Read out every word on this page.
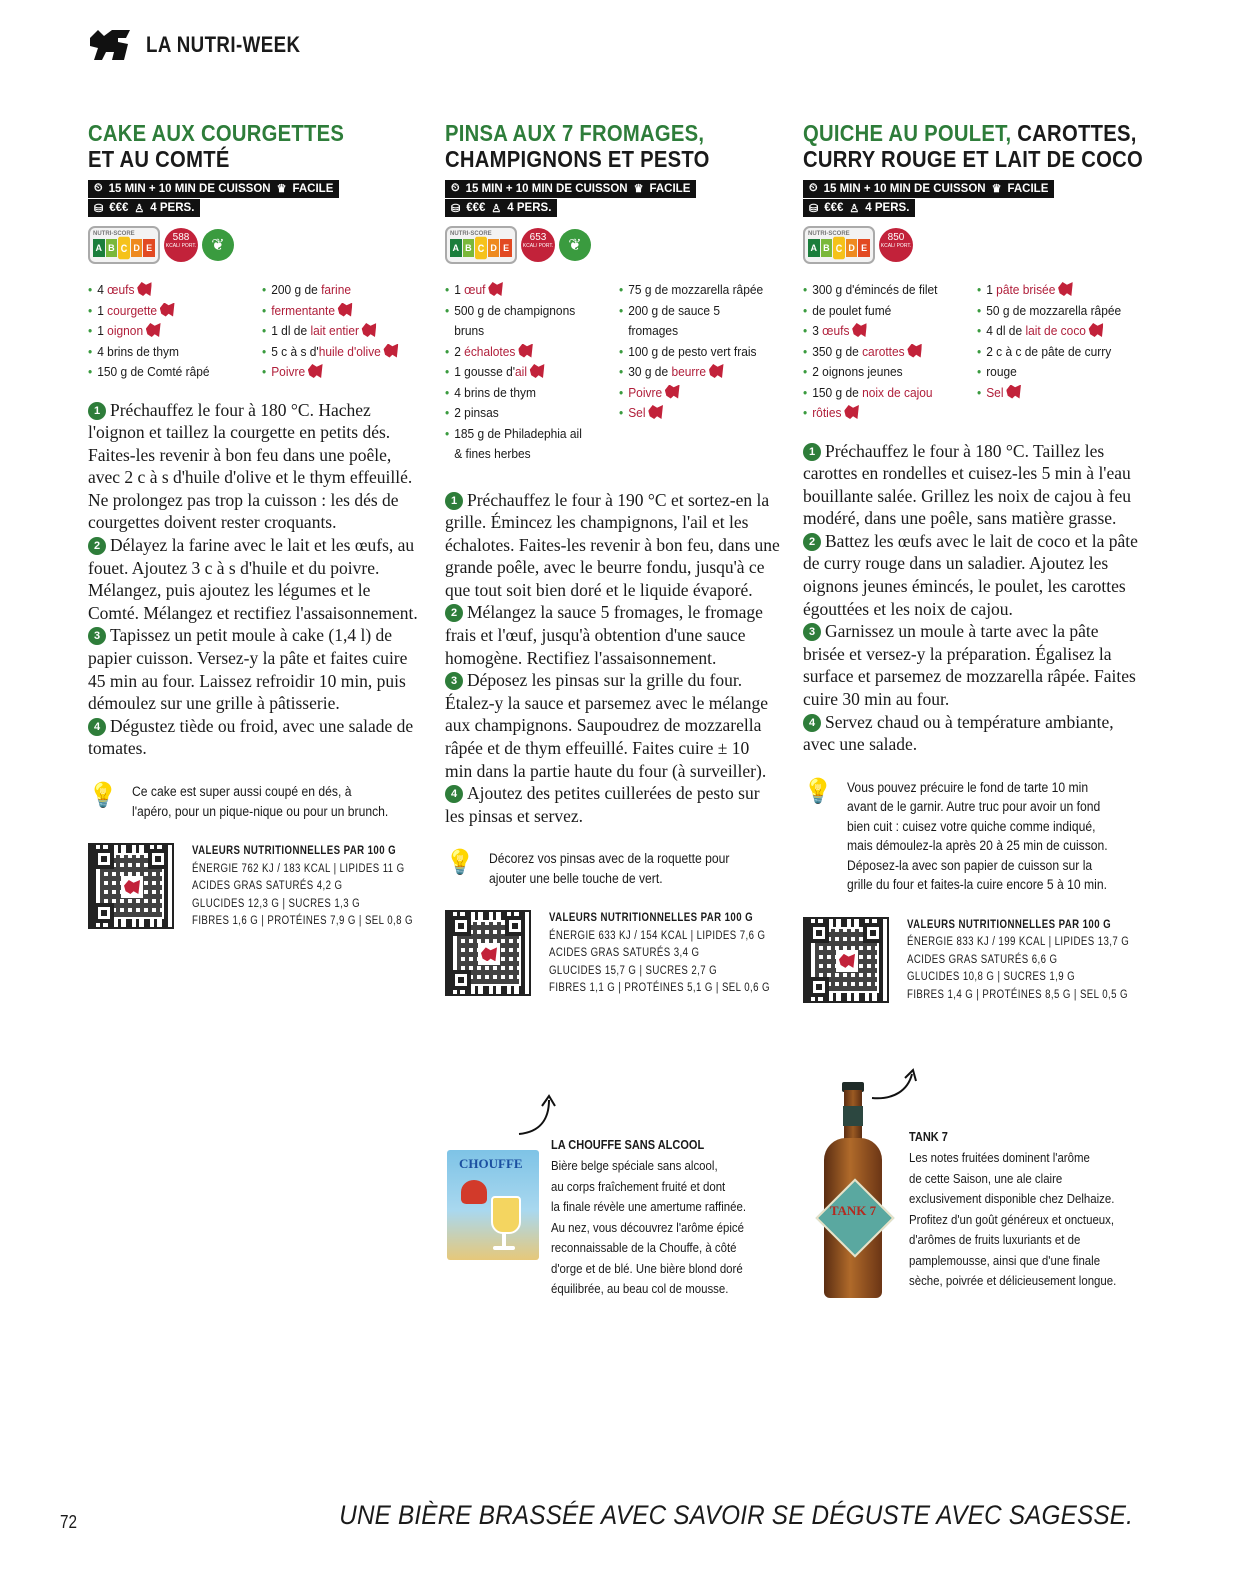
LA NUTRI-WEEK
CAKE AUX COURGETTES
ET AU COMTÉ
⏲ 15 MIN + 10 MIN DE CUISSON ♛ FACILE
⛁ €€€ ♙ 4 PERS.
NUTRI-SCORE
A B C D E
588
KCAL/ PORT. ❦
• 4 œufs
• 1 courgette
• 1 oignon
• 4 brins de thym
• 150 g de Comté râpé
• 200 g de farine
• fermentante
• 1 dl de lait entier
• 5 c à s d'huile d'olive
• Poivre

1 Préchauffez le four à 180 °C. Hachez l'oignon et taillez la courgette en petits dés. Faites-les revenir à bon feu dans une poêle, avec 2 c à s d'huile d'olive et le thym effeuillé. Ne prolongez pas trop la cuisson : les dés de courgettes doivent rester croquants.

2 Délayez la farine avec le lait et les œufs, au fouet. Ajoutez 3 c à s d'huile et du poivre. Mélangez, puis ajoutez les légumes et le Comté. Mélangez et rectifiez l'assaisonnement.

3 Tapissez un petit moule à cake (1,4 l) de papier cuisson. Versez-y la pâte et faites cuire 45 min au four. Laissez refroidir 10 min, puis démoulez sur une grille à pâtisserie.

4 Dégustez tiède ou froid, avec une salade de tomates.

💡 Ce cake est super aussi coupé en dés, à l'apéro, pour un pique-nique ou pour un brunch.
VALEURS NUTRITIONNELLES PAR 100 G
ÉNERGIE 762 KJ / 183 KCAL | LIPIDES 11 G
ACIDES GRAS SATURÉS 4,2 G
GLUCIDES 12,3 G | SUCRES 1,3 G
FIBRES 1,6 G | PROTÉINES 7,9 G | SEL 0,8 G
PINSA AUX 7 FROMAGES,
CHAMPIGNONS ET PESTO
⏲ 15 MIN + 10 MIN DE CUISSON ♛ FACILE
⛁ €€€ ♙ 4 PERS.
NUTRI-SCORE
A B C D E
653
KCAL/ PORT. ❦
• 1 œuf
• 500 g de champignons
bruns
• 2 échalotes
• 1 gousse d'ail
• 4 brins de thym
• 2 pinsas
• 185 g de Philadephia ail
& fines herbes
• 75 g de mozzarella râpée
• 200 g de sauce 5
fromages
• 100 g de pesto vert frais
• 30 g de beurre
• Poivre
• Sel

1 Préchauffez le four à 190 °C et sortez-en la grille. Émincez les champignons, l'ail et les échalotes. Faites-les revenir à bon feu, dans une grande poêle, avec le beurre fondu, jusqu'à ce que tout soit bien doré et le liquide évaporé.

2 Mélangez la sauce 5 fromages, le fromage frais et l'œuf, jusqu'à obtention d'une sauce homogène. Rectifiez l'assaisonnement.

3 Déposez les pinsas sur la grille du four. Étalez-y la sauce et parsemez avec le mélange aux champignons. Saupoudrez de mozzarella râpée et de thym effeuillé. Faites cuire ± 10 min dans la partie haute du four (à surveiller).

4 Ajoutez des petites cuillerées de pesto sur les pinsas et servez.

💡 Décorez vos pinsas avec de la roquette pour ajouter une belle touche de vert.
VALEURS NUTRITIONNELLES PAR 100 G
ÉNERGIE 633 KJ / 154 KCAL | LIPIDES 7,6 G
ACIDES GRAS SATURÉS 3,4 G
GLUCIDES 15,7 G | SUCRES 2,7 G
FIBRES 1,1 G | PROTÉINES 5,1 G | SEL 0,6 G
QUICHE AU POULET, CAROTTES,
CURRY ROUGE ET LAIT DE COCO
⏲ 15 MIN + 10 MIN DE CUISSON ♛ FACILE
⛁ €€€ ♙ 4 PERS.
NUTRI-SCORE
A B C D E
850
KCAL/ PORT.
• 300 g d'émincés de filet
• de poulet fumé
• 3 œufs
• 350 g de carottes
• 2 oignons jeunes
• 150 g de noix de cajou
• rôties
• 1 pâte brisée
• 50 g de mozzarella râpée
• 4 dl de lait de coco
• 2 c à c de pâte de curry
• rouge
• Sel

1 Préchauffez le four à 180 °C. Taillez les carottes en rondelles et cuisez-les 5 min à l'eau bouillante salée. Grillez les noix de cajou à feu modéré, dans une poêle, sans matière grasse.

2 Battez les œufs avec le lait de coco et la pâte de curry rouge dans un saladier. Ajoutez les oignons jeunes émincés, le poulet, les carottes égouttées et les noix de cajou.

3 Garnissez un moule à tarte avec la pâte brisée et versez-y la préparation. Égalisez la surface et parsemez de mozzarella râpée. Faites cuire 30 min au four.

4 Servez chaud ou à température ambiante, avec une salade.

💡 Vous pouvez précuire le fond de tarte 10 min avant de le garnir. Autre truc pour avoir un fond bien cuit : cuisez votre quiche comme indiqué, mais démoulez-la après 20 à 25 min de cuisson. Déposez-la avec son papier de cuisson sur la grille du four et faites-la cuire encore 5 à 10 min.
VALEURS NUTRITIONNELLES PAR 100 G
ÉNERGIE 833 KJ / 199 KCAL | LIPIDES 13,7 G
ACIDES GRAS SATURÉS 6,6 G
GLUCIDES 10,8 G | SUCRES 1,9 G
FIBRES 1,4 G | PROTÉINES 8,5 G | SEL 0,5 G
CHOUFFE
LA CHOUFFE SANS ALCOOL

Bière belge spéciale sans alcool,
au corps fraîchement fruité et dont
la finale révèle une amertume raffinée.
Au nez, vous découvrez l'arôme épicé
reconnaissable de la Chouffe, à côté
d'orge et de blé. Une bière blond doré
équilibrée, au beau col de mousse.

TANK 7
TANK 7

Les notes fruitées dominent l'arôme
de cette Saison, une ale claire
exclusivement disponible chez Delhaize.
Profitez d'un goût généreux et onctueux,
d'arômes de fruits luxuriants et de
pamplemousse, ainsi que d'une finale
sèche, poivrée et délicieusement longue.

72	UNE BIÈRE BRASSÉE AVEC SAVOIR SE DÉGUSTE AVEC SAGESSE.
